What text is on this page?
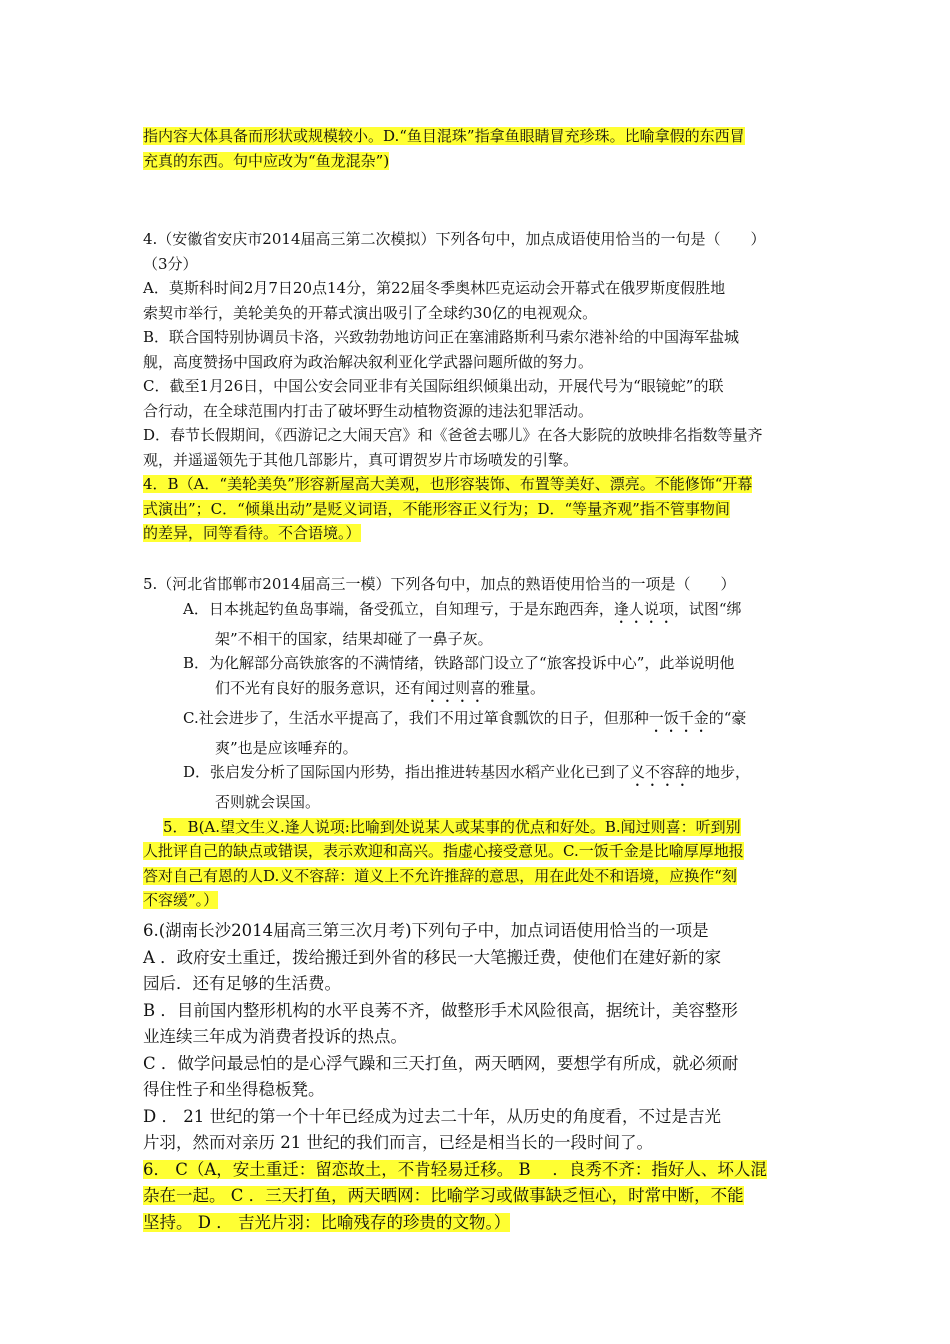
指内容大体具备而形状或规模较小。D.“鱼目混珠”指拿鱼眼睛冒充珍珠。比喻拿假的东西冒
充真的东西。句中应改为“鱼龙混杂”)
4.（安徽省安庆市2014届高三第二次模拟）下列各句中，加点成语使用恰当的一句是（　　）
（3分）
A．莫斯科时间2月7日20点14分，第22届冬季奥林匹克运动会开幕式在俄罗斯度假胜地
索契市举行，美轮美奂的开幕式演出吸引了全球约30亿的电视观众。
B．联合国特别协调员卡洛，兴致勃勃地访问正在塞浦路斯利马索尔港补给的中国海军盐城
舰，高度赞扬中国政府为政治解决叙利亚化学武器问题所做的努力。
C．截至1月26日，中国公安会同亚非有关国际组织倾巢出动，开展代号为“眼镜蛇”的联
合行动，在全球范围内打击了破坏野生动植物资源的违法犯罪活动。
D．春节长假期间，《西游记之大闹天宫》和《爸爸去哪儿》在各大影院的放映排名指数等量齐
观，并遥遥领先于其他几部影片，真可谓贺岁片市场喷发的引擎。
4．B（A．“美轮美奂”形容新屋高大美观，也形容装饰、布置等美好、漂亮。不能修饰“开幕
式演出”；C．“倾巢出动”是贬义词语，不能形容正义行为；D．“等量齐观”指不管事物间
的差异，同等看待。不合语境。）
5.（河北省邯郸市2014届高三一模）下列各句中，加点的熟语使用恰当的一项是（　　）
A．日本挑起钓鱼岛事端，备受孤立，自知理亏，于是东跑西奔，逢人说项，试图“绑
架”不相干的国家，结果却碰了一鼻子灰。
B．为化解部分高铁旅客的不满情绪，铁路部门设立了“旅客投诉中心”，此举说明他
们不光有良好的服务意识，还有闻过则喜的雅量。
C.社会进步了，生活水平提高了，我们不用过箪食瓢饮的日子，但那种一饭千金的“豪
爽”也是应该唾弃的。
D．张启发分析了国际国内形势，指出推进转基因水稻产业化已到了义不容辞的地步，
否则就会误国。
5．B(A.望文生义.逢人说项:比喻到处说某人或某事的优点和好处。B.闻过则喜：听到别
人批评自己的缺点或错误，表示欢迎和高兴。指虚心接受意见。C.一饭千金是比喻厚厚地报
答对自己有恩的人D.义不容辞：道义上不允许推辞的意思，用在此处不和语境，应换作“刻
不容缓”。）
6.(湖南长沙2014届高三第三次月考)下列句子中，加点词语使用恰当的一项是
A ．政府安土重迁，拨给搬迁到外省的移民一大笔搬迁费，使他们在建好新的家
园后．还有足够的生活费。
B ．目前国内整形机构的水平良莠不齐，做整形手术风险很高，据统计，美容整形
业连续三年成为消费者投诉的热点。
C ．做学问最忌怕的是心浮气躁和三天打鱼，两天晒网，要想学有所成，就必须耐
得住性子和坐得稳板凳。
D ． 21 世纪的第一个十年已经成为过去二十年，从历史的角度看，不过是吉光
片羽，然而对亲历 21 世纪的我们而言，已经是相当长的一段时间了。
6． C（A，安土重迁：留恋故土，不肯轻易迁移。 B　 ．良秀不齐：指好人、坏人混
杂在一起。 C ．三天打鱼，两天晒网：比喻学习或做事缺乏恒心，时常中断，不能
坚持。 D ． 吉光片羽：比喻残存的珍贵的文物。）
